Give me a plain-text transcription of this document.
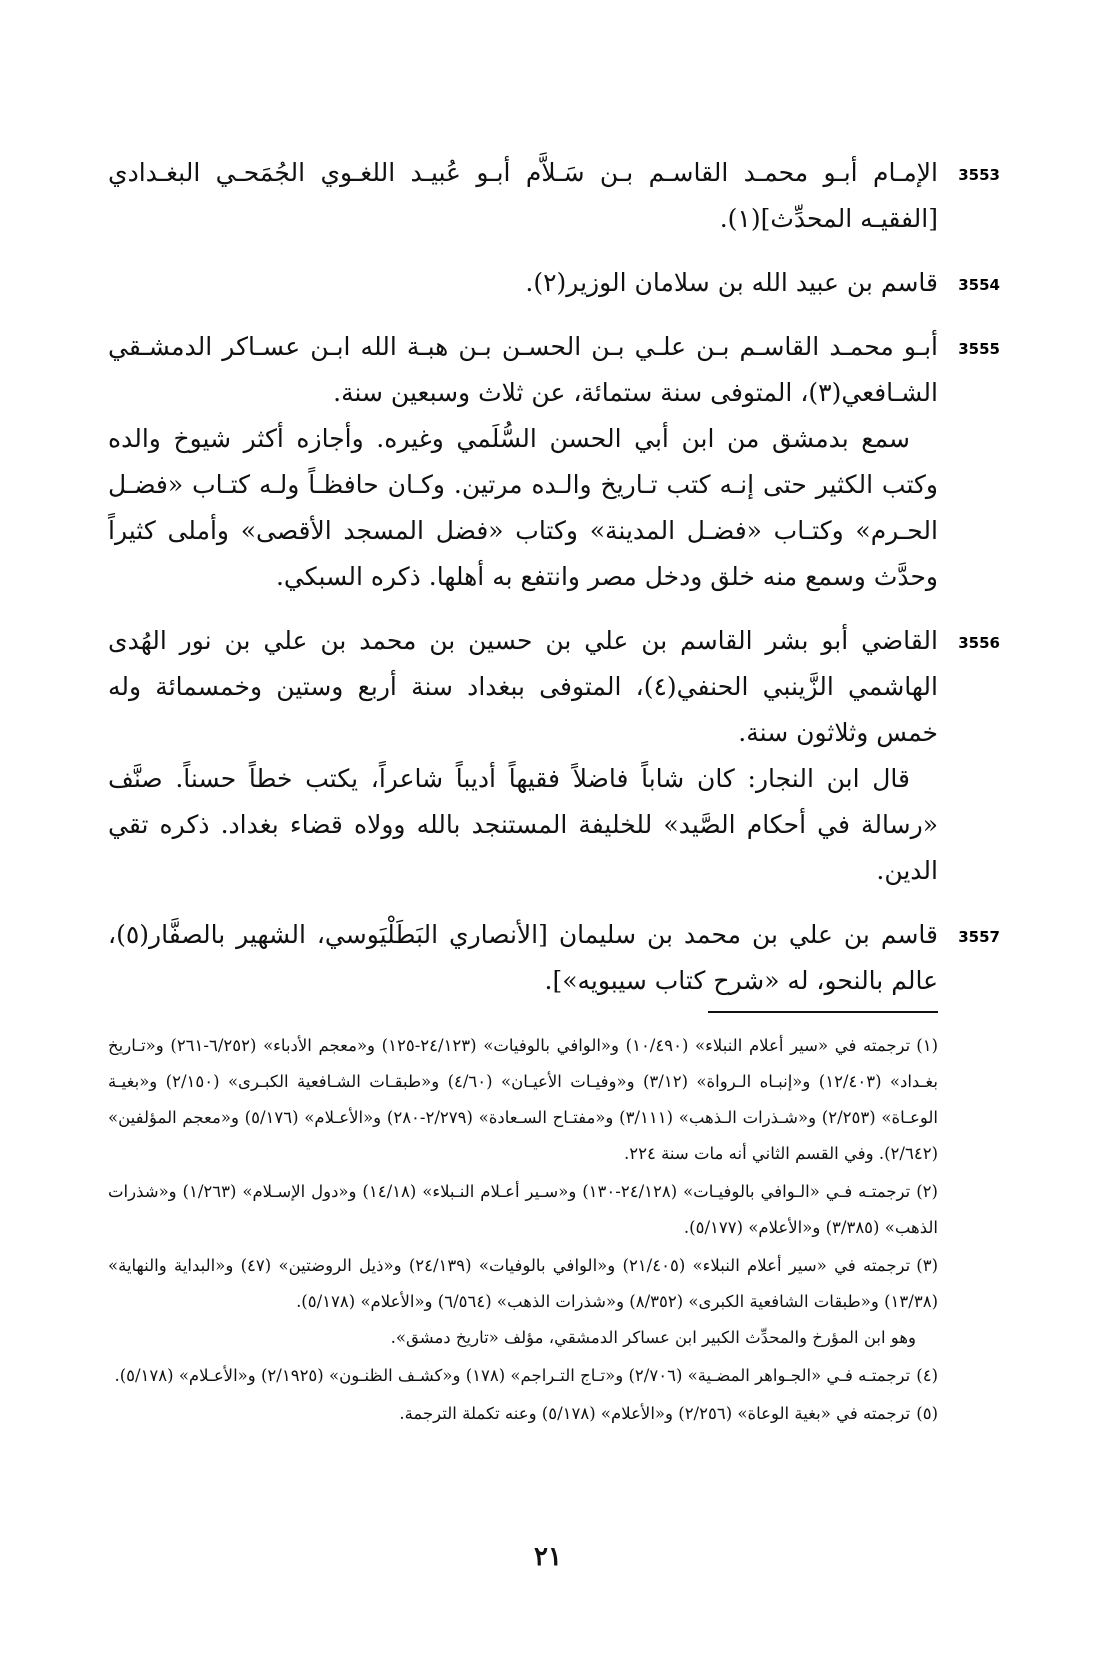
3553

الإمـام أبـو محمـد القاسـم بـن سَـلاَّم أبـو عُبيـد اللغـوي الجُمَحـي البغـدادي [الفقيـه المحدِّث](١).

3554

قاسم بن عبيد الله بن سلامان الوزير(٢).

3555

أبـو محمـد القاسـم بـن علـي بـن الحسـن بـن هبـة الله ابـن عسـاكر الدمشـقي الشـافعي(٣)، المتوفى سنة ستمائة، عن ثلاث وسبعين سنة.

سمع بدمشق من ابن أبي الحسن السُّلَمي وغيره. وأجازه أكثر شيوخ والده وكتب الكثير حتى إنـه كتب تـاريخ والـده مرتين. وكـان حافظـاً ولـه كتـاب «فضـل الحـرم» وكتـاب «فضـل المدينة» وكتاب «فضل المسجد الأقصى» وأملى كثيراً وحدَّث وسمع منه خلق ودخل مصر وانتفع به أهلها. ذكره السبكي.

3556

القاضي أبو بشر القاسم بن علي بن حسين بن محمد بن علي بن نور الهُدى الهاشمي الزَّينبي الحنفي(٤)، المتوفى ببغداد سنة أربع وستين وخمسمائة وله خمس وثلاثون سنة.

قال ابن النجار: كان شاباً فاضلاً فقيهاً أديباً شاعراً، يكتب خطاً حسناً. صنَّف «رسالة في أحكام الصَّيد» للخليفة المستنجد بالله وولاه قضاء بغداد. ذكره تقي الدين.

3557

قاسم بن علي بن محمد بن سليمان [الأنصاري البَطَلْيَوسي، الشهير بالصفَّار(٥)، عالم بالنحو، له «شرح كتاب سيبويه»].

(١)ترجمته في «سير أعلام النبلاء» (١٠/٤٩٠) و«الوافي بالوفيات» (٢٤/١٢٣-١٢٥) و«معجم الأدباء» (٦/٢٥٢-٢٦١) و«تـاريخ بغـداد» (١٢/٤٠٣) و«إنبـاه الـرواة» (٣/١٢) و«وفيـات الأعيـان» (٤/٦٠) و«طبقـات الشـافعية الكبـرى» (٢/١٥٠) و«بغيـة الوعـاة» (٢/٢٥٣) و«شـذرات الـذهب» (٣/١١١) و«مفتـاح السـعادة» (٢/٢٧٩-٢٨٠) و«الأعـلام» (٥/١٧٦) و«معجم المؤلفين» (٢/٦٤٢). وفي القسم الثاني أنه مات سنة ٢٢٤.

(٢)ترجمتـه فـي «الـوافي بالوفيـات» (٢٤/١٢٨-١٣٠) و«سـير أعـلام النـبلاء» (١٤/١٨) و«دول الإسـلام» (١/٢٦٣) و«شذرات الذهب» (٣/٣٨٥) و«الأعلام» (٥/١٧٧).

(٣)ترجمته في «سير أعلام النبلاء» (٢١/٤٠٥) و«الوافي بالوفيات» (٢٤/١٣٩) و«ذيل الروضتين» (٤٧) و«البداية والنهاية» (١٣/٣٨) و«طبقات الشافعية الكبرى» (٨/٣٥٢) و«شذرات الذهب» (٦/٥٦٤) و«الأعلام» (٥/١٧٨).
وهو ابن المؤرخ والمحدِّث الكبير ابن عساكر الدمشقي، مؤلف «تاريخ دمشق».

(٤)ترجمتـه فـي «الجـواهر المضـية» (٢/٧٠٦) و«تـاج التـراجم» (١٧٨) و«كشـف الظنـون» (٢/١٩٢٥) و«الأعـلام» (٥/١٧٨).

(٥)ترجمته في «بغية الوعاة» (٢/٢٥٦) و«الأعلام» (٥/١٧٨) وعنه تكملة الترجمة.

٢١
